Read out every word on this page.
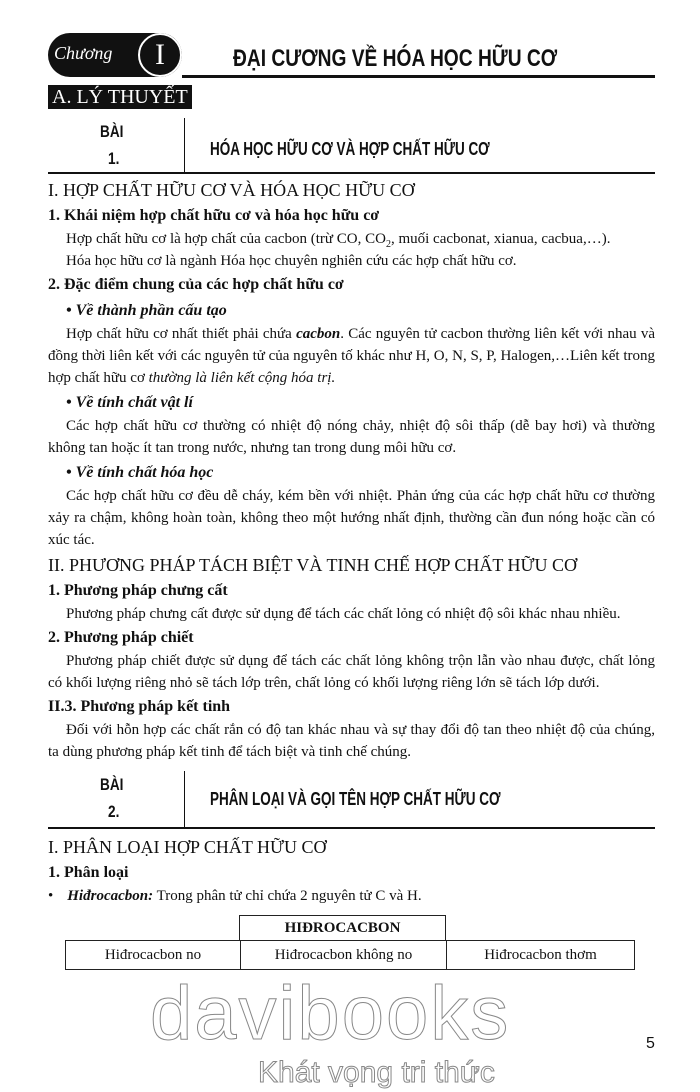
Chương	I	ĐẠI CƯƠNG VỀ HÓA HỌC HỮU CƠ
A. LÝ THUYẾT
BÀI
1.	HÓA HỌC HỮU CƠ VÀ HỢP CHẤT HỮU CƠ
I. HỢP CHẤT HỮU CƠ VÀ HÓA HỌC HỮU CƠ
1. Khái niệm hợp chất hữu cơ và hóa học hữu cơ
Hợp chất hữu cơ là hợp chất của cacbon (trừ CO, $CO_2$, muối cacbonat, xianua, cacbua,…).
Hóa học hữu cơ là ngành Hóa học chuyên nghiên cứu các hợp chất hữu cơ.
2. Đặc điểm chung của các hợp chất hữu cơ
• Về thành phần cấu tạo
Hợp chất hữu cơ nhất thiết phải chứa cacbon. Các nguyên tử cacbon thường liên kết với nhau và đồng thời liên kết với các nguyên tử của nguyên tố khác như H, O, N, S, P, Halogen,…Liên kết trong hợp chất hữu cơ thường là liên kết cộng hóa trị.
• Về tính chất vật lí
Các hợp chất hữu cơ thường có nhiệt độ nóng chảy, nhiệt độ sôi thấp (dễ bay hơi) và thường không tan hoặc ít tan trong nước, nhưng tan trong dung môi hữu cơ.
• Về tính chất hóa học
Các hợp chất hữu cơ đều dễ cháy, kém bền với nhiệt. Phản ứng của các hợp chất hữu cơ thường xảy ra chậm, không hoàn toàn, không theo một hướng nhất định, thường cần đun nóng hoặc cần có xúc tác.
II. PHƯƠNG PHÁP TÁCH BIỆT VÀ TINH CHẾ HỢP CHẤT HỮU CƠ
1. Phương pháp chưng cất
Phương pháp chưng cất được sử dụng để tách các chất lỏng có nhiệt độ sôi khác nhau nhiều.
2. Phương pháp chiết
Phương pháp chiết được sử dụng để tách các chất lỏng không trộn lẫn vào nhau được, chất lỏng có khối lượng riêng nhỏ sẽ tách lớp trên, chất lỏng có khối lượng riêng lớn sẽ tách lớp dưới.
II.3. Phương pháp kết tinh
Đối với hỗn hợp các chất rắn có độ tan khác nhau và sự thay đổi độ tan theo nhiệt độ của chúng, ta dùng phương pháp kết tinh để tách biệt và tinh chế chúng.
BÀI
2.
PHÂN LOẠI VÀ GỌI TÊN HỢP CHẤT HỮU CƠ
I. PHÂN LOẠI HỢP CHẤT HỮU CƠ
1. Phân loại
• Hiđrocacbon: Trong phân tử chỉ chứa 2 nguyên tử C và H.
HIĐROCACBON
Hiđrocacbon no	Hiđrocacbon không no	Hiđrocacbon thơm
davibooks
Khát vọng tri thức
5
